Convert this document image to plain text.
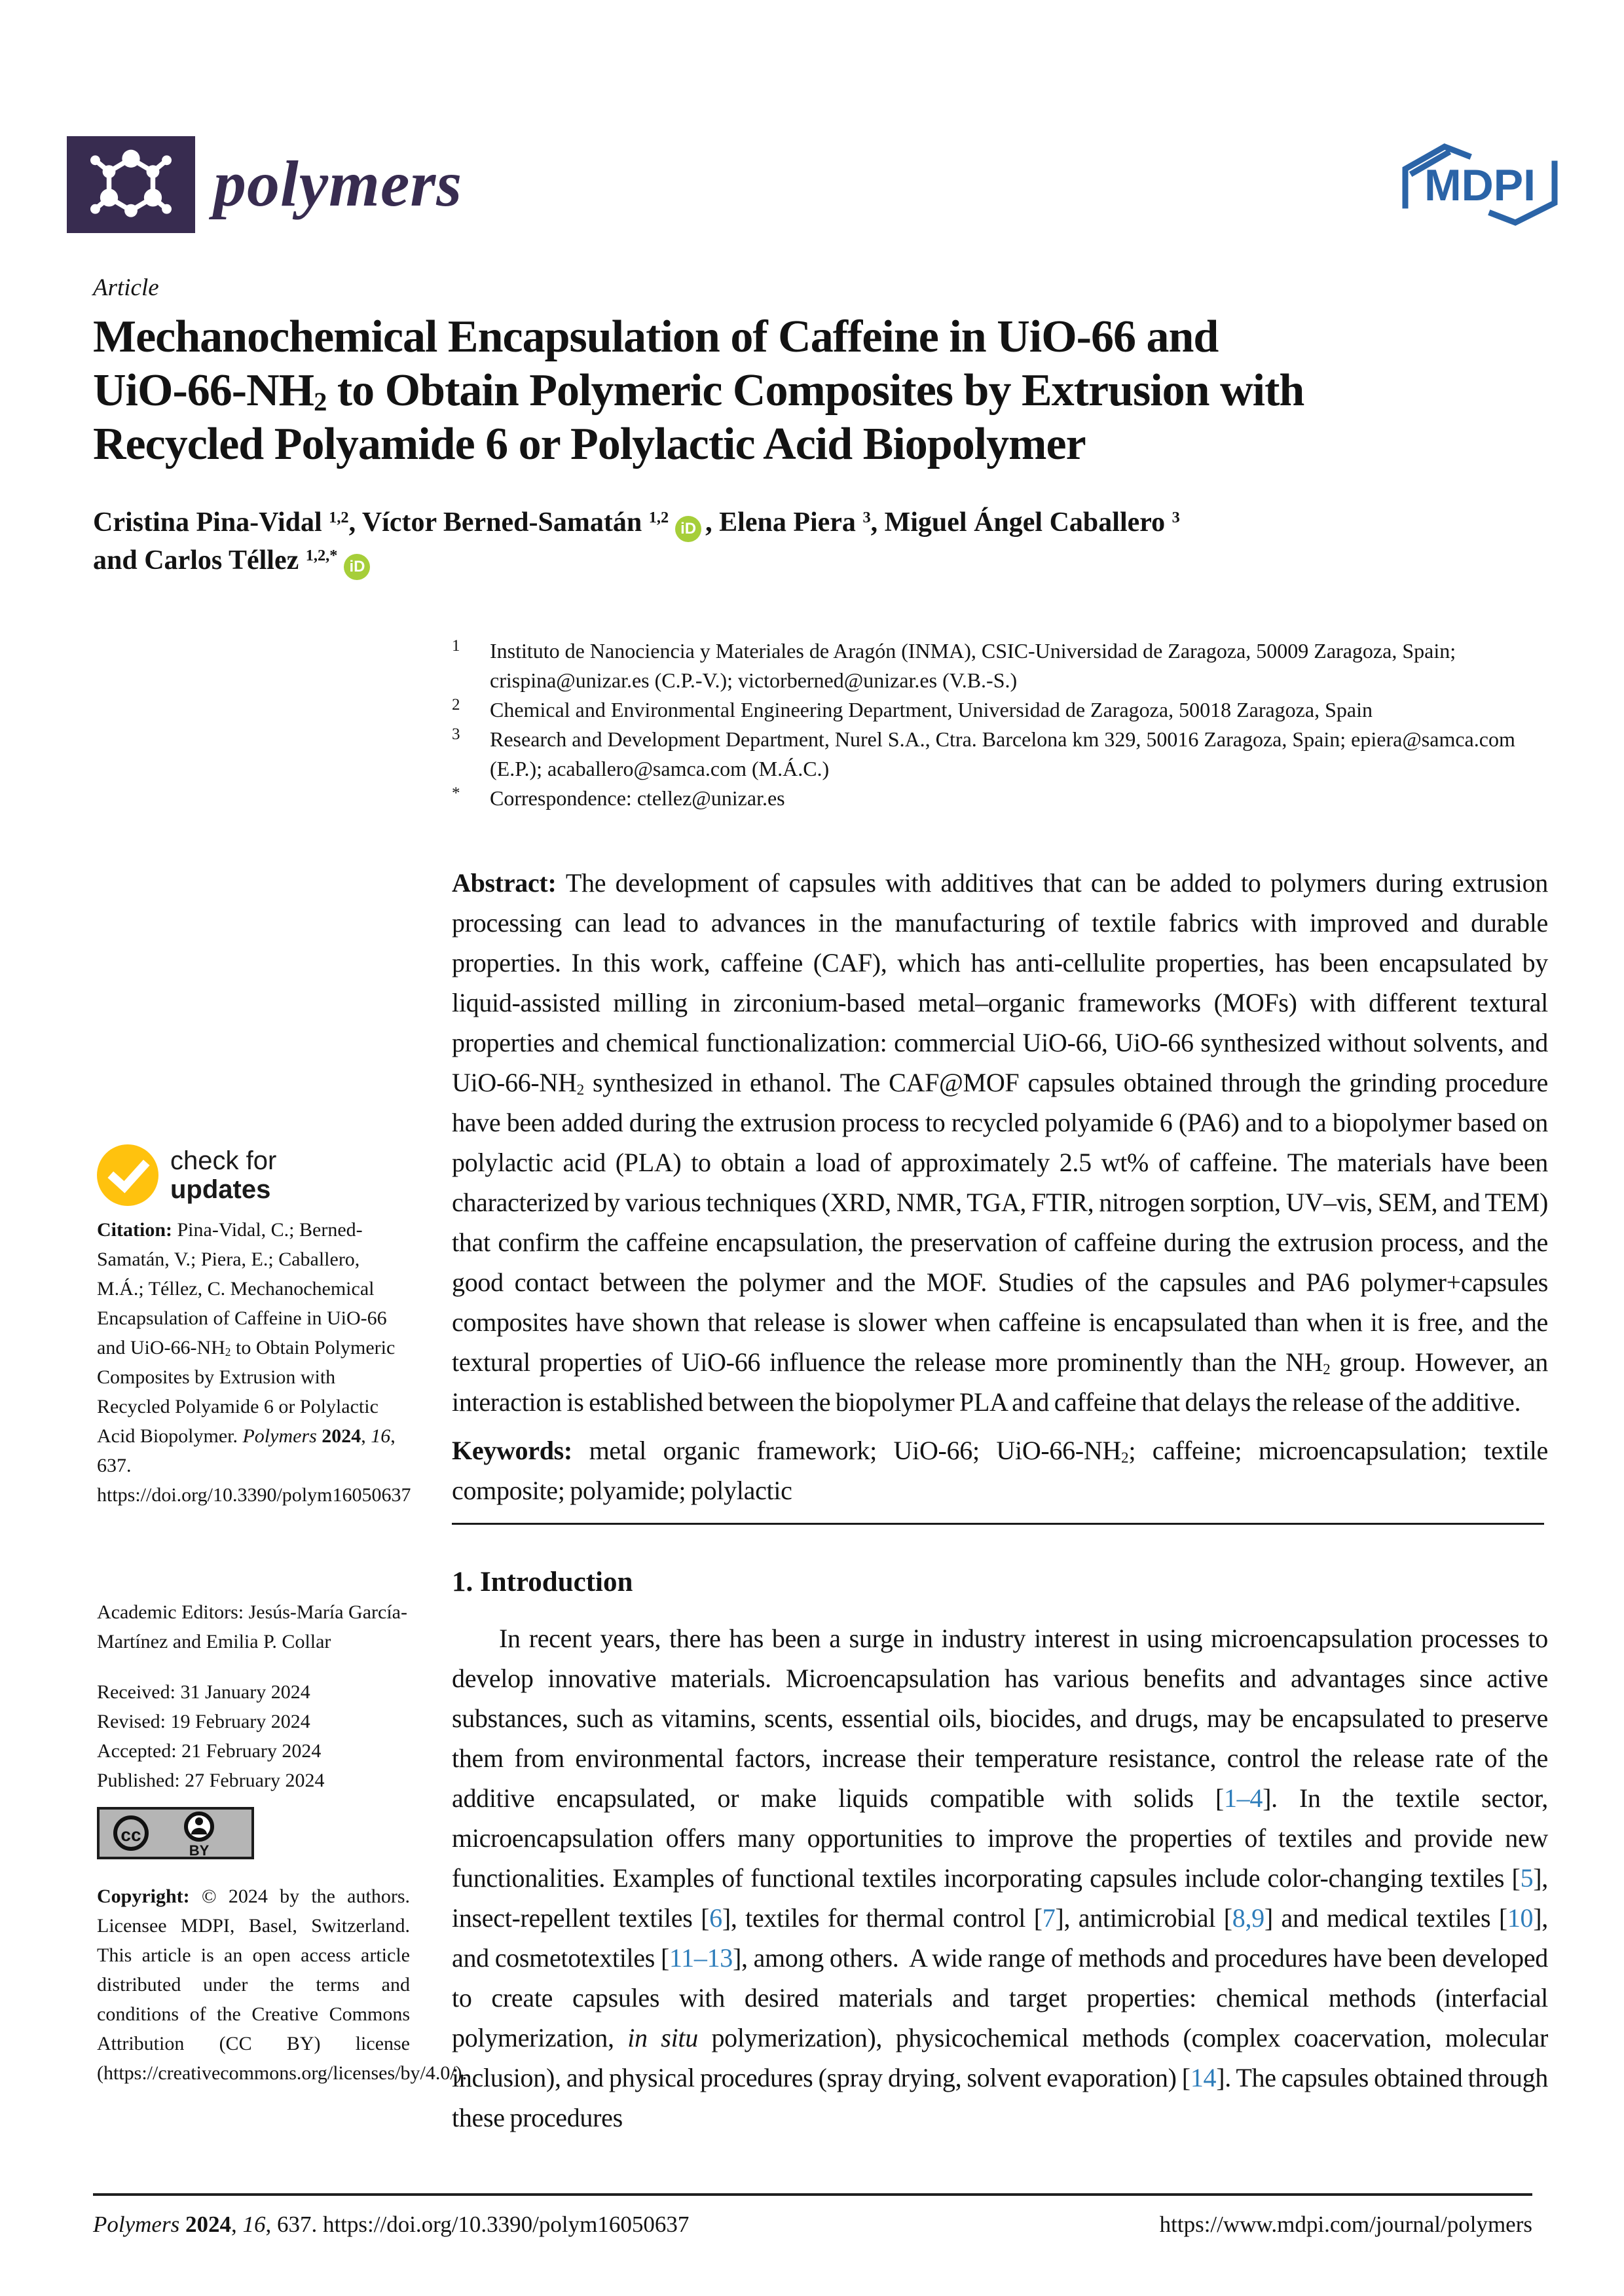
polymers	MDPI
Article
Mechanochemical Encapsulation of Caffeine in UiO-66 and
UiO-$66-NH_2$ to Obtain Polymeric Composites by Extrusion with
Recycled Polyamide 6 or Polylactic Acid Biopolymer
Cristina Pina-Vidal $^{1,2}$, Víctor Berned-Samatán $^{1,2}$iD , Elena Piera $^3$, Miguel Ángel Caballero $^3$
and Carlos Téllez $^{1,2,*}$iD
1	Instituto de Nanociencia y Materiales de Aragón (INMA), CSIC-Universidad de Zaragoza, 50009 Zaragoza, Spain; crispina@unizar.es (C.P.-V.); victorberned@unizar.es (V.B.-S.)
2	Chemical and Environmental Engineering Department, Universidad de Zaragoza, 50018 Zaragoza, Spain
3	Research and Development Department, Nurel S.A., Ctra. Barcelona km 329, 50016 Zaragoza, Spain; epiera@samca.com (E.P.); acaballero@samca.com (M.Á.C.)
*	Correspondence: ctellez@unizar.es
Abstract: The development of capsules with additives that can be added to polymers during extrusion processing can lead to advances in the manufacturing of textile fabrics with improved and durable properties. In this work, caffeine (CAF), which has anti-cellulite properties, has been encapsulated by liquid-assisted milling in zirconium-based metal–organic frameworks (MOFs) with different textural properties and chemical functionalization: commercial UiO-66, UiO-66 synthesized without solvents, and UiO-$66-NH_2$ synthesized in ethanol. The CAF@MOF capsules obtained through the grinding procedure have been added during the extrusion process to recycled polyamide 6 (PA6) and to a biopolymer based on polylactic acid (PLA) to obtain a load of approximately 2.5 wt% of caffeine. The materials have been characterized by various techniques (XRD, NMR, TGA, FTIR, nitrogen sorption, UV–vis, SEM, and TEM) that confirm the caffeine encapsulation, the preservation of caffeine during the extrusion process, and the good contact between the polymer and the MOF. Studies of the capsules and PA6 polymer+capsules composites have shown that release is slower when caffeine is encapsulated than when it is free, and the textural properties of UiO-66 influence the release more prominently than the $NH_2$ group. However, an interaction is established between the biopolymer PLA and caffeine that delays the release of the additive.
Keywords: metal organic framework; UiO-66; UiO-$66-NH_2$; caffeine; microencapsulation; textile composite; polyamide; polylactic
1. Introduction
In recent years, there has been a surge in industry interest in using microencapsulation processes to develop innovative materials. Microencapsulation has various benefits and advantages since active substances, such as vitamins, scents, essential oils, biocides, and drugs, may be encapsulated to preserve them from environmental factors, increase their temperature resistance, control the release rate of the additive encapsulated, or make liquids compatible with solids [1–4]. In the textile sector, microencapsulation offers many opportunities to improve the properties of textiles and provide new functionalities. Examples of functional textiles incorporating capsules include color-changing textiles [5], insect-repellent textiles [6], textiles for thermal control [7], antimicrobial [8,9] and medical textiles [10], and cosmetotextiles [11–13], among others.  A wide range of methods and procedures have been developed to create capsules with desired materials and target properties: chemical methods (interfacial polymerization, in situ polymerization), physicochemical methods (complex coacervation, molecular inclusion), and physical procedures (spray drying, solvent evaporation) [14]. The capsules obtained through these procedures
check for
updates
Citation: Pina-Vidal, C.; Berned-Samatán, V.; Piera, E.; Caballero, M.Á.; Téllez, C. Mechanochemical Encapsulation of Caffeine in UiO-66 and UiO-$66-NH_2$ to Obtain Polymeric Composites by Extrusion with Recycled Polyamide 6 or Polylactic Acid Biopolymer. Polymers 2024, 16, 637. https://doi.org/10.3390/polym16050637
Academic Editors: Jesús-María García-Martínez and Emilia P. Collar
Received: 31 January 2024
Revised: 19 February 2024
Accepted: 21 February 2024
Published: 27 February 2024
cc
BY
Copyright: © 2024 by the authors. Licensee MDPI, Basel, Switzerland. This article is an open access article distributed under the terms and conditions of the Creative Commons Attribution (CC BY) license (https://creativecommons.org/licenses/by/4.0/).
Polymers 2024, 16, 637. https://doi.org/10.3390/polym16050637	https://www.mdpi.com/journal/polymers
